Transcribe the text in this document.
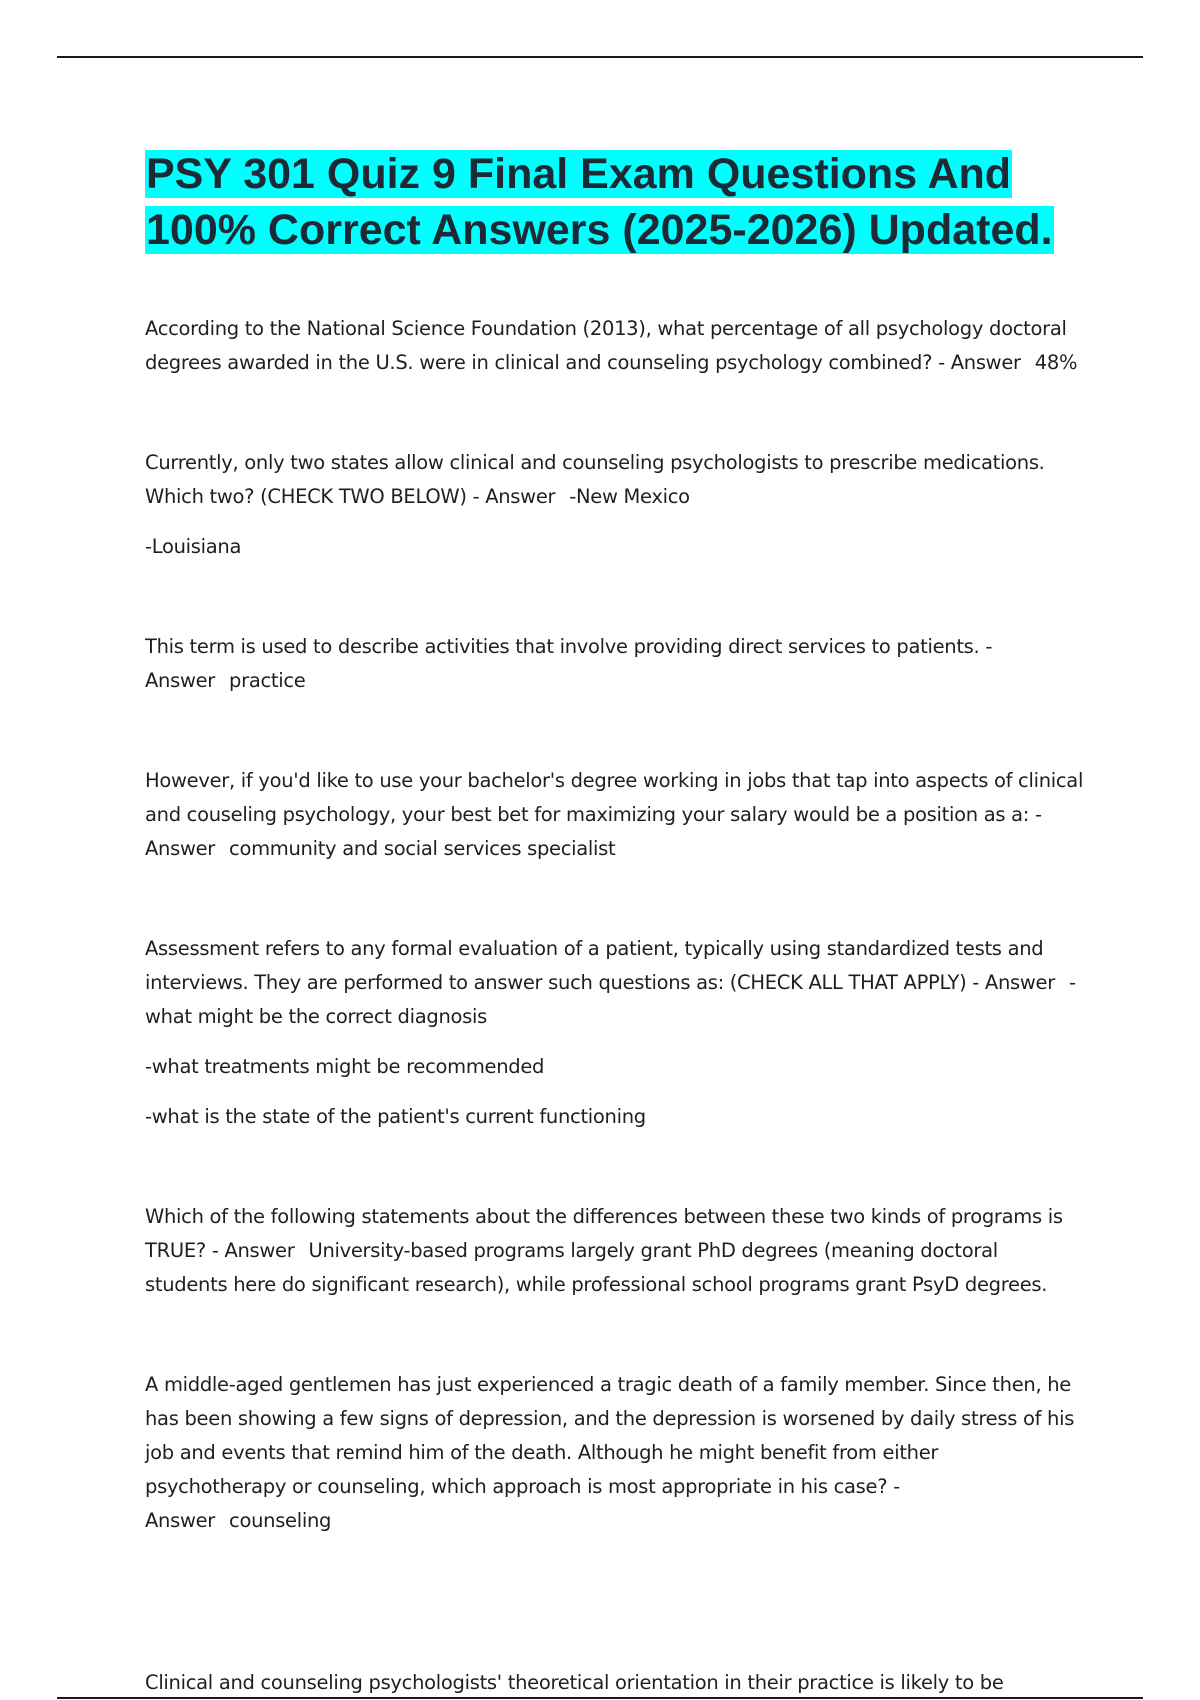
PSY 301 Quiz 9 Final Exam Questions And 100% Correct Answers (2025-2026) Updated.

According to the National Science Foundation (2013), what percentage of all psychology doctoral degrees awarded in the U.S. were in clinical and counseling psychology combined? - Answer 48%

Currently, only two states allow clinical and counseling psychologists to prescribe medications. Which two? (CHECK TWO BELOW) - Answer -New Mexico

-Louisiana

This term is used to describe activities that involve providing direct services to patients. - Answer practice

However, if you'd like to use your bachelor's degree working in jobs that tap into aspects of clinical and couseling psychology, your best bet for maximizing your salary would be a position as a: - Answer community and social services specialist

Assessment refers to any formal evaluation of a patient, typically using standardized tests and interviews. They are performed to answer such questions as: (CHECK ALL THAT APPLY) - Answer -what might be the correct diagnosis

-what treatments might be recommended

-what is the state of the patient's current functioning

Which of the following statements about the differences between these two kinds of programs is TRUE? - Answer University-based programs largely grant PhD degrees (meaning doctoral students here do significant research), while professional school programs grant PsyD degrees.

A middle-aged gentlemen has just experienced a tragic death of a family member. Since then, he has been showing a few signs of depression, and the depression is worsened by daily stress of his job and events that remind him of the death. Although he might benefit from either psychotherapy or counseling, which approach is most appropriate in his case? - Answer counseling

Clinical and counseling psychologists' theoretical orientation in their practice is likely to be
